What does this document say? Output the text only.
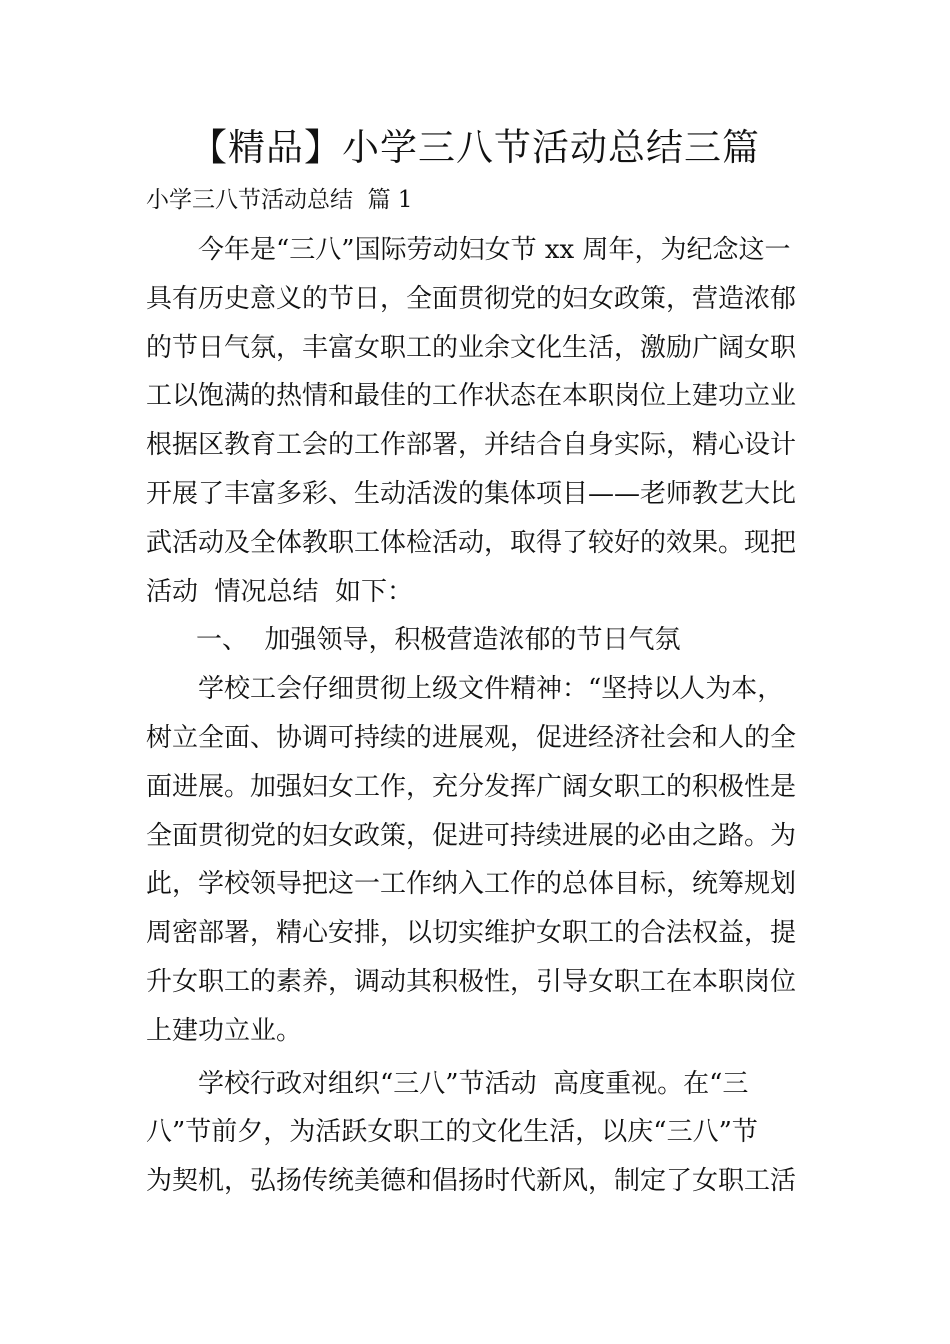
【精品】小学三八节活动总结三篇
小学三八节活动总结  篇 1
今年是“三八”国际劳动妇女节 xx 周年，为纪念这一
具有历史意义的节日，全面贯彻党的妇女政策，营造浓郁
的节日气氛，丰富女职工的业余文化生活，激励广阔女职
工以饱满的热情和最佳的工作状态在本职岗位上建功立业
根据区教育工会的工作部署，并结合自身实际，精心设计
开展了丰富多彩、生动活泼的集体项目——老师教艺大比
武活动及全体教职工体检活动，取得了较好的效果。现把
活动  情况总结  如下：
一、  加强领导，积极营造浓郁的节日气氛
学校工会仔细贯彻上级文件精神：“坚持以人为本，
树立全面、协调可持续的进展观，促进经济社会和人的全
面进展。加强妇女工作，充分发挥广阔女职工的积极性是
全面贯彻党的妇女政策，促进可持续进展的必由之路。为
此，学校领导把这一工作纳入工作的总体目标，统筹规划
周密部署，精心安排，以切实维护女职工的合法权益，提
升女职工的素养，调动其积极性，引导女职工在本职岗位
上建功立业。
学校行政对组织“三八”节活动  高度重视。在“三
八”节前夕，为活跃女职工的文化生活，以庆“三八”节
为契机，弘扬传统美德和倡扬时代新风，制定了女职工活
